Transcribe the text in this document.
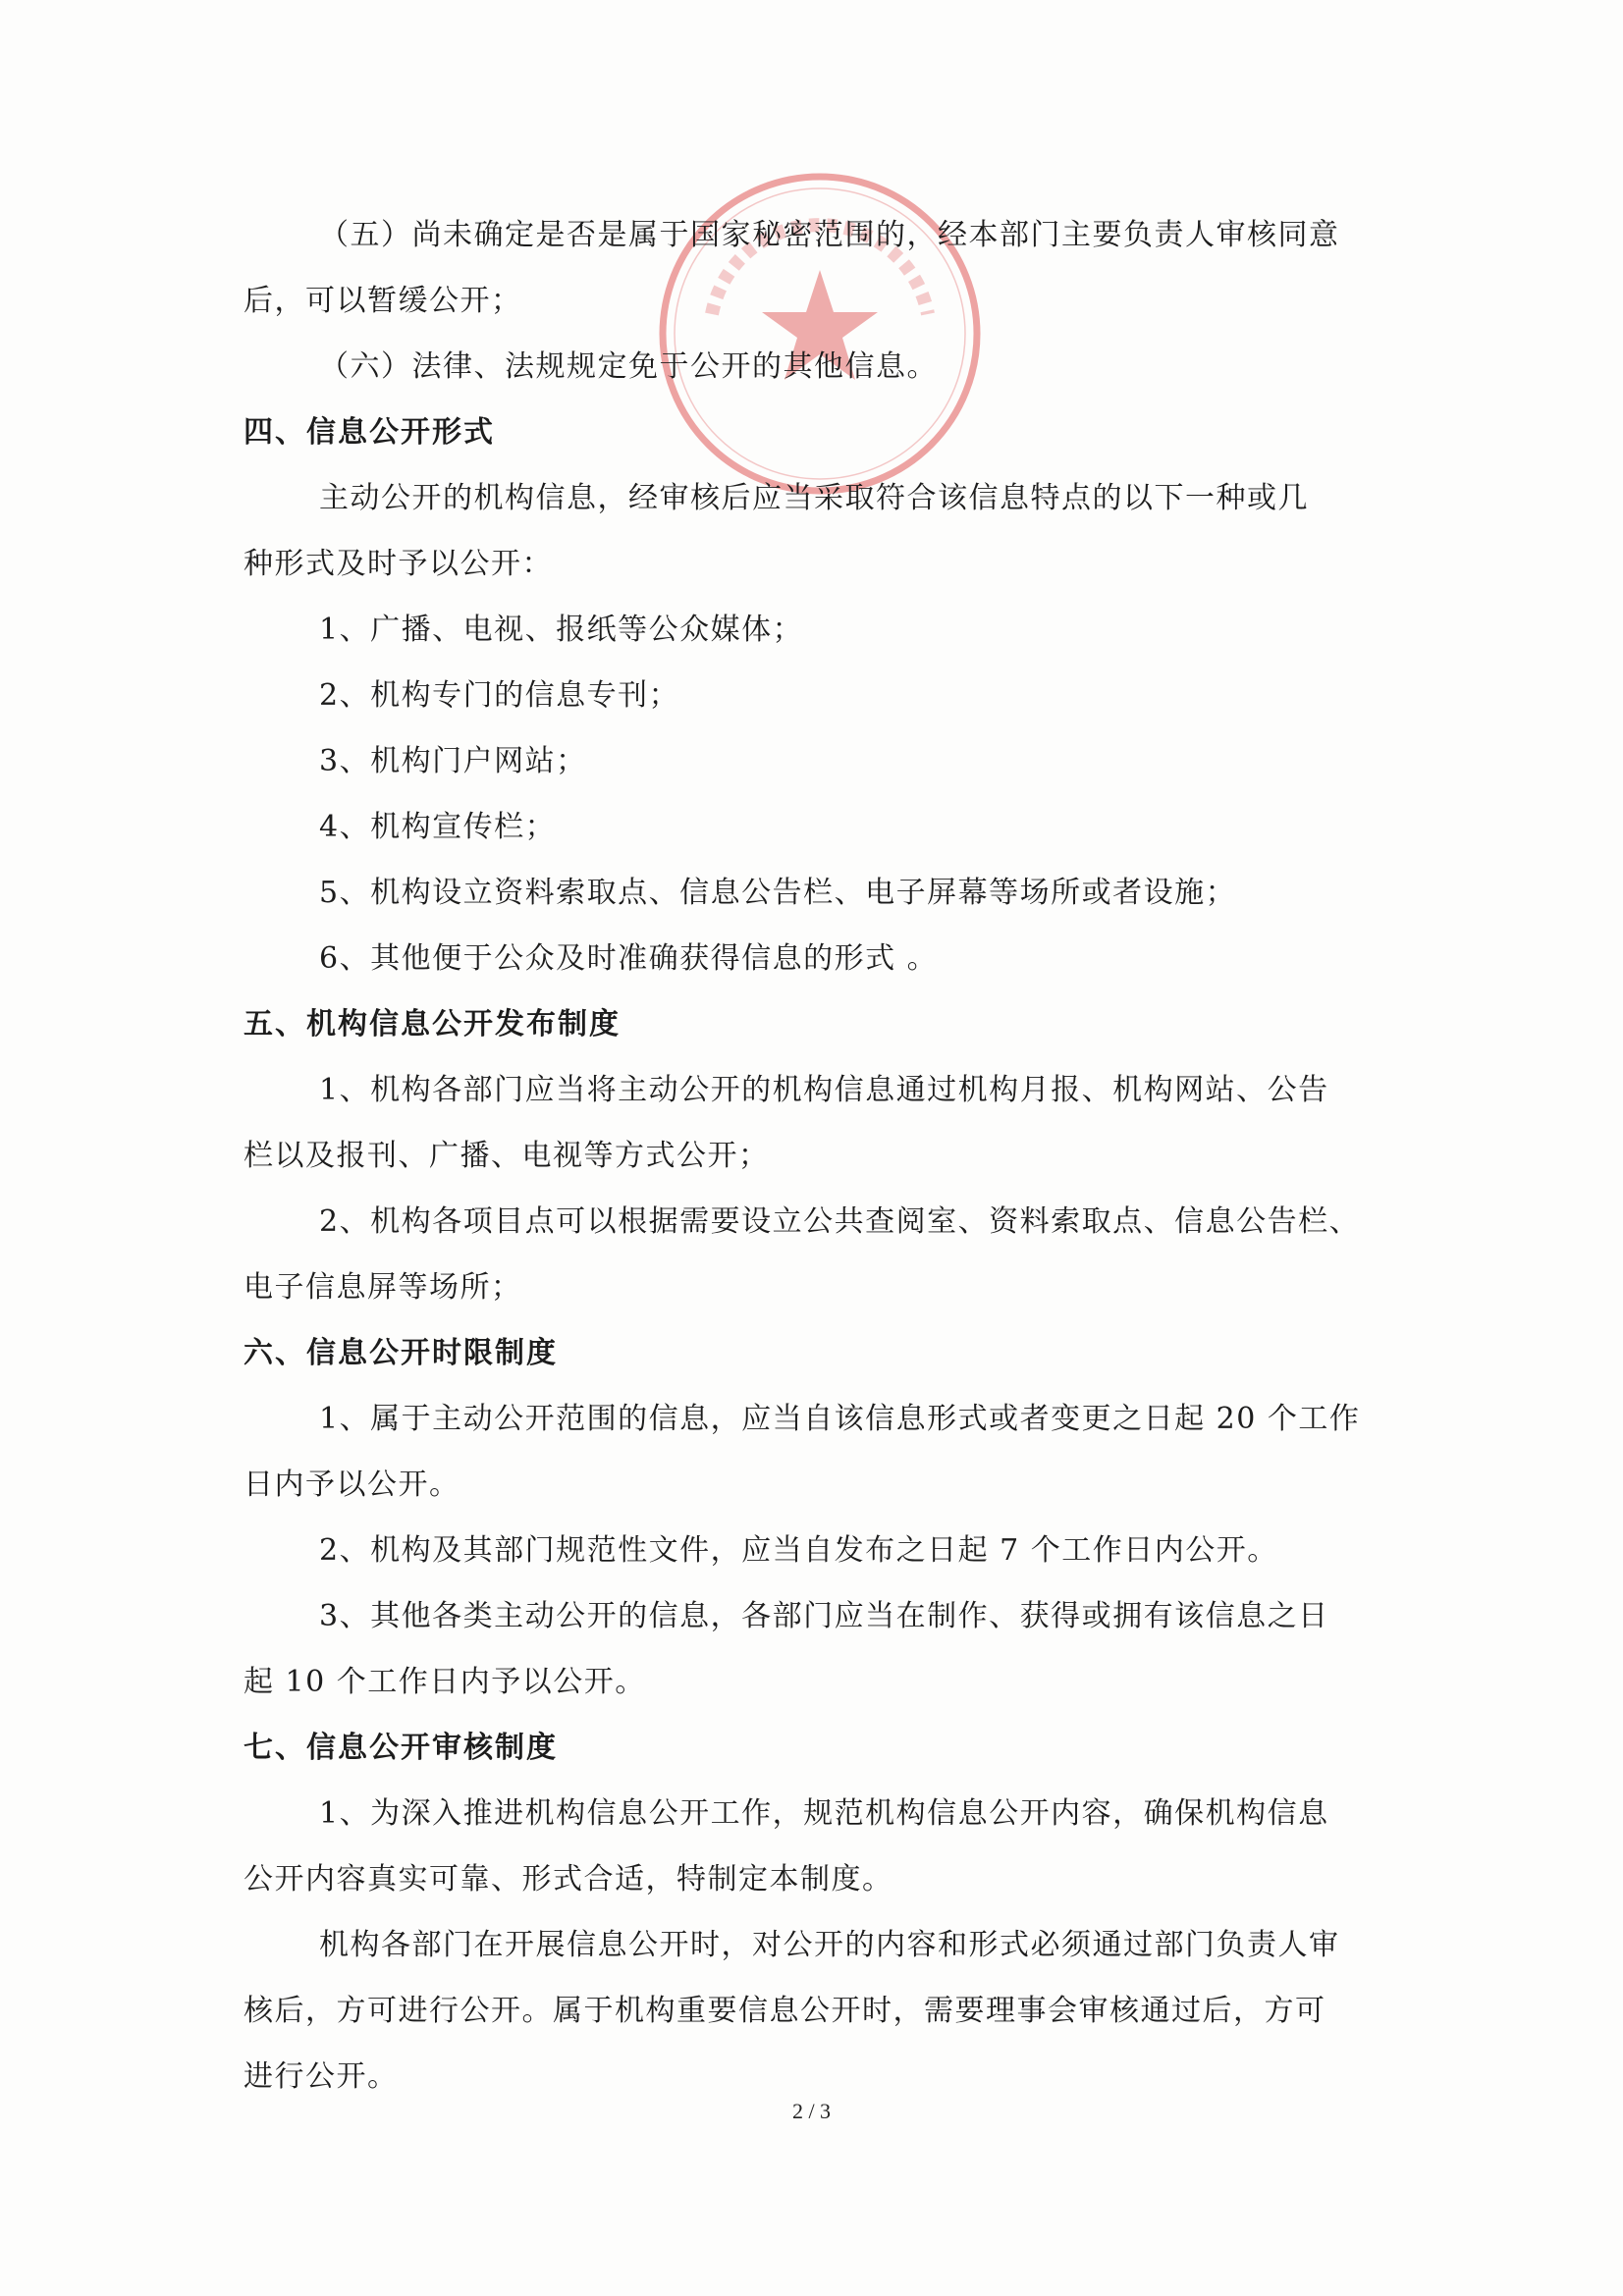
（五）尚未确定是否是属于国家秘密范围的，经本部门主要负责人审核同意
后，可以暂缓公开；
（六）法律、法规规定免于公开的其他信息。
四、信息公开形式
主动公开的机构信息，经审核后应当采取符合该信息特点的以下一种或几
种形式及时予以公开：
1、广播、电视、报纸等公众媒体；
2、机构专门的信息专刊；
3、机构门户网站；
4、机构宣传栏；
5、机构设立资料索取点、信息公告栏、电子屏幕等场所或者设施；
6、其他便于公众及时准确获得信息的形式 。
五、机构信息公开发布制度
1、机构各部门应当将主动公开的机构信息通过机构月报、机构网站、公告
栏以及报刊、广播、电视等方式公开；
2、机构各项目点可以根据需要设立公共查阅室、资料索取点、信息公告栏、
电子信息屏等场所；
六、信息公开时限制度
1、属于主动公开范围的信息，应当自该信息形式或者变更之日起 20 个工作
日内予以公开。
2、机构及其部门规范性文件，应当自发布之日起 7 个工作日内公开。
3、其他各类主动公开的信息，各部门应当在制作、获得或拥有该信息之日
起 10 个工作日内予以公开。
七、信息公开审核制度
1、为深入推进机构信息公开工作，规范机构信息公开内容，确保机构信息
公开内容真实可靠、形式合适，特制定本制度。
机构各部门在开展信息公开时，对公开的内容和形式必须通过部门负责人审
核后，方可进行公开。属于机构重要信息公开时，需要理事会审核通过后，方可
进行公开。
2 / 3
